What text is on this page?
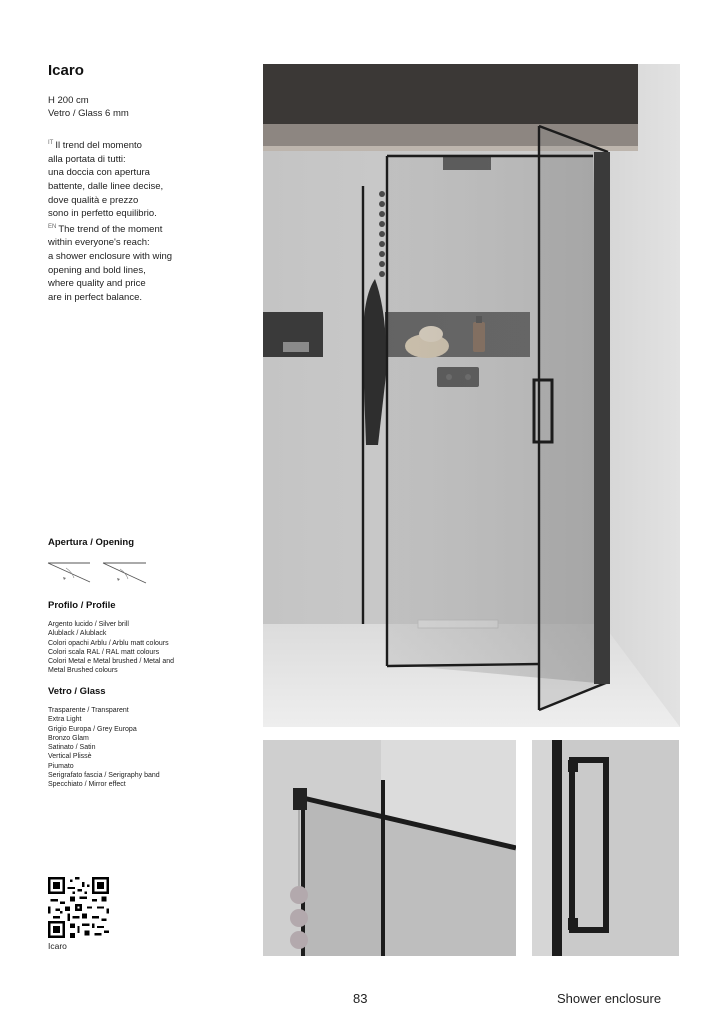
Icaro
H 200 cm
Vetro / Glass 6 mm
$^{IT}$ Il trend del momento
alla portata di tutti:
una doccia con apertura
battente, dalle linee decise,
dove qualità e prezzo
sono in perfetto equilibrio.
$^{EN}$ The trend of the moment
within everyone's reach:
a shower enclosure with wing
opening and bold lines,
where quality and price
are in perfect balance.
Apertura / Opening
Profilo / Profile
Argento lucido / Silver brill
Alublack / Alublack
Colori opachi Arblu / Arblu matt colours
Colori scala RAL / RAL matt colours
Colori Metal e Metal brushed / Metal and
Metal Brushed colours
Vetro / Glass
Trasparente / Transparent
Extra Light
Grigio Europa / Grey Europa
Bronzo Glam
Satinato / Satin
Vertical Plissè
Piumato
Serigrafato fascia / Serigraphy band
Specchiato / Mirror effect
Icaro
83	Shower enclosure
